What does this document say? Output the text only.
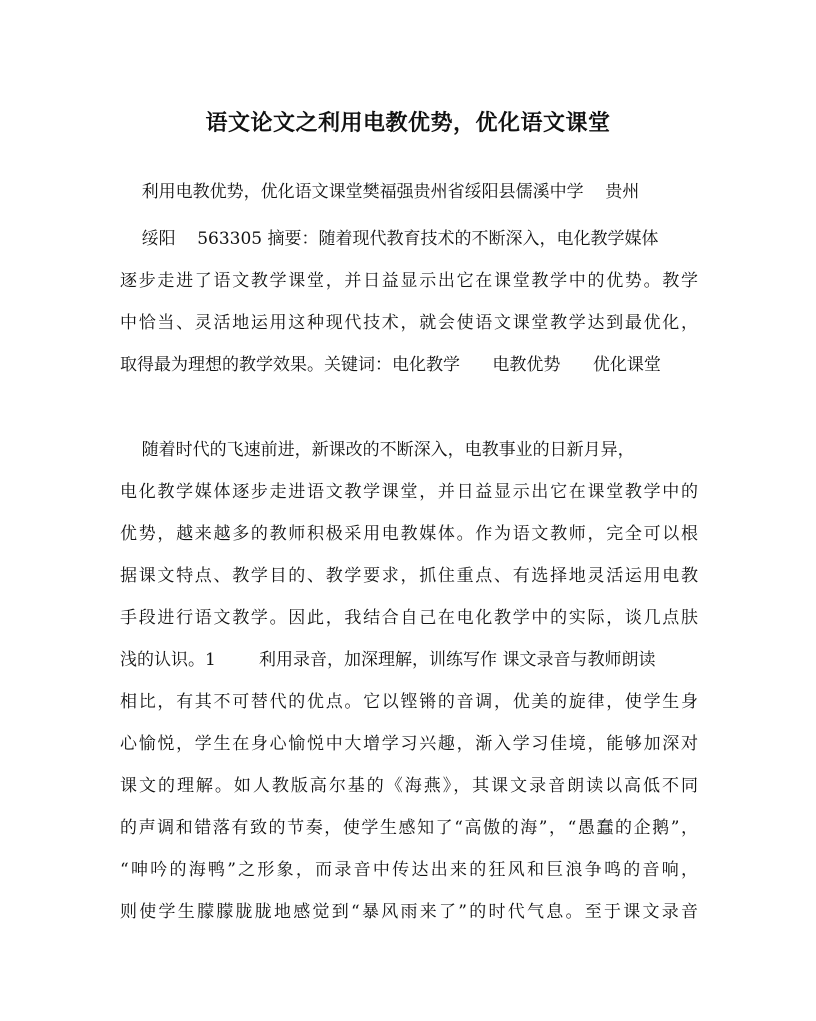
语文论文之利用电教优势，优化语文课堂

利用电教优势，优化语文课堂樊福强贵州省绥阳县儒溪中学    贵州

绥阳    563305 摘要：随着现代教育技术的不断深入，电化教学媒体

逐步走进了语文教学课堂，并日益显示出它在课堂教学中的优势。教学

中恰当、灵活地运用这种现代技术，就会使语文课堂教学达到最优化，

取得最为理想的教学效果。关键词：电化教学      电教优势      优化课堂

随着时代的飞速前进，新课改的不断深入，电教事业的日新月异，

电化教学媒体逐步走进语文教学课堂，并日益显示出它在课堂教学中的

优势，越来越多的教师积极采用电教媒体。作为语文教师，完全可以根

据课文特点、教学目的、教学要求，抓住重点、有选择地灵活运用电教

手段进行语文教学。因此，我结合自己在电化教学中的实际，谈几点肤

浅的认识。1        利用录音，加深理解，训练写作 课文录音与教师朗读

相比，有其不可替代的优点。它以铿锵的音调，优美的旋律，使学生身

心愉悦，学生在身心愉悦中大增学习兴趣，渐入学习佳境，能够加深对

课文的理解。如人教版高尔基的《海燕》，其课文录音朗读以高低不同

的声调和错落有致的节奏，使学生感知了“高傲的海”，“愚蠢的企鹅”，

“呻吟的海鸭”之形象，而录音中传达出来的狂风和巨浪争鸣的音响，

则使学生朦朦胧胧地感觉到“暴风雨来了”的时代气息。至于课文录音
